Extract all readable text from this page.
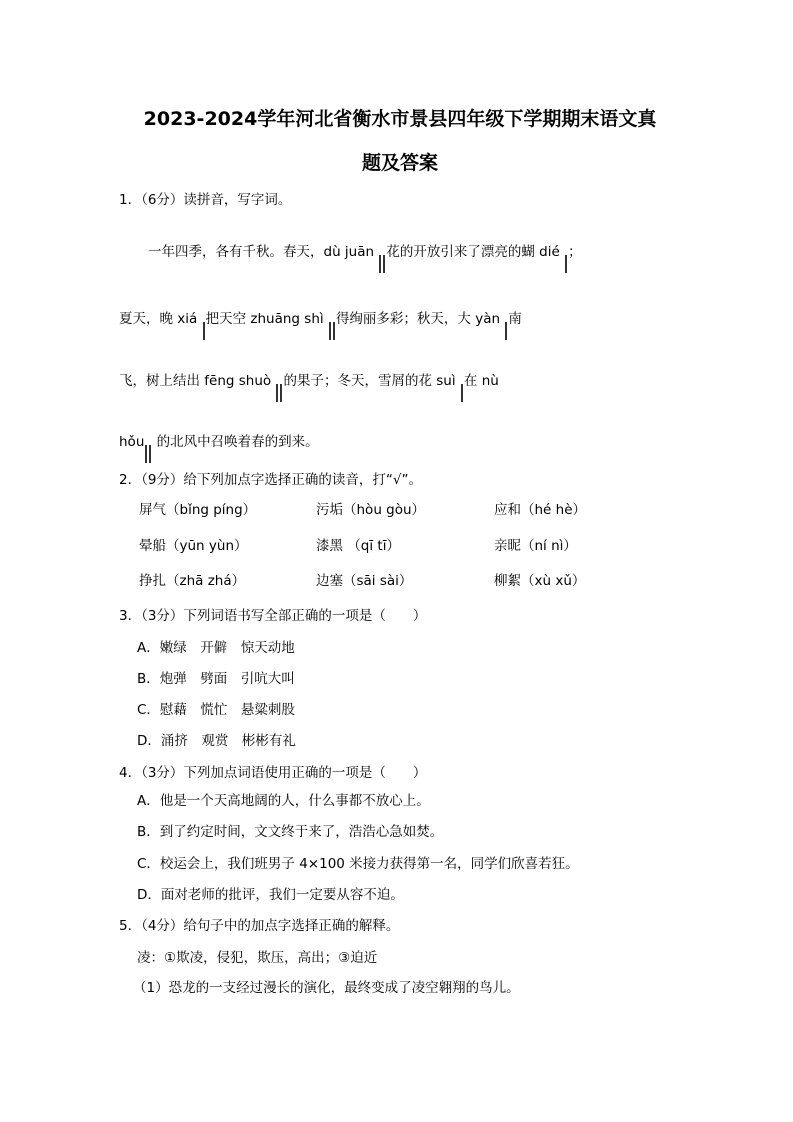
2023-2024学年河北省衡水市景县四年级下学期期末语文真
题及答案
1．（6分）读拼音，写字词。
一年四季，各有千秋。春天，dù juān 花的开放引来了漂亮的蝴 dié ；
夏天，晚 xiá 把天空 zhuāng shì 得绚丽多彩；秋天，大 yàn 南
飞，树上结出 fēng shuò 的果子；冬天，雪屑的花 suì 在 nù
hǒu 的北风中召唤着春的到来。
2．（9分）给下列加点字选择正确的读音，打“√”。
屏气（bǐng píng）	污垢（hòu gòu）	应和（hé hè）
晕船（yūn yùn）	漆黑 （qī tī）	亲昵（ní nì）
挣扎（zhā zhá）	边塞（sāi sài）	柳絮（xù xǔ）
3．（3分）下列词语书写全部正确的一项是（　　）
A．嫩绿　开僻　惊天动地
B．炮弹　劈面　引吭大叫
C．慰藉　慌忙　悬粱刺股
D．涌挤　观赏　彬彬有礼
4．（3分）下列加点词语使用正确的一项是（　　）
A．他是一个天高地阔的人，什么事都不放心上。
B．到了约定时间，文文终于来了，浩浩心急如焚。
C．校运会上，我们班男子 4×100 米接力获得第一名，同学们欣喜若狂。
D．面对老师的批评，我们一定要从容不迫。
5．（4分）给句子中的加点字选择正确的解释。
凌：①欺凌，侵犯，欺压，高出；③迫近
（1）恐龙的一支经过漫长的演化，最终变成了凌空翱翔的鸟儿。
